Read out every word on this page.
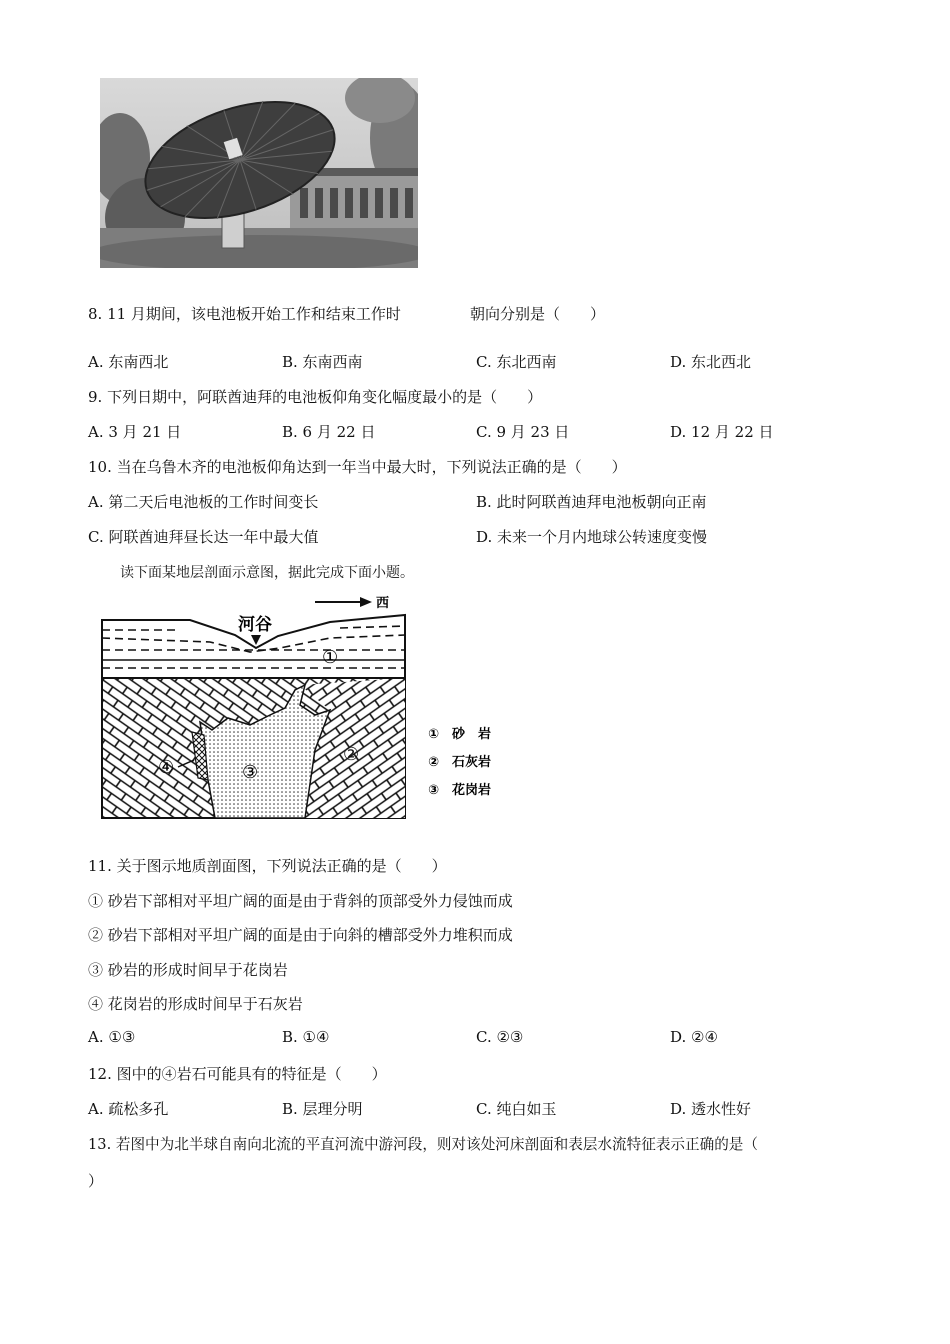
8. 11 月期间，该电池板开始工作和结束工作时	朝向分别是（　　）
A. 东南西北	B. 东南西南	C. 东北西南	D. 东北西北
9. 下列日期中，阿联酋迪拜的电池板仰角变化幅度最小的是（　　）
A. 3 月 21 日	B. 6 月 22 日	C. 9 月 23 日	D. 12 月 22 日
10. 当在乌鲁木齐的电池板仰角达到一年当中最大时，下列说法正确的是（　　）
A. 第二天后电池板的工作时间变长	B. 此时阿联酋迪拜电池板朝向正南
C. 阿联酋迪拜昼长达一年中最大值	D. 未来一个月内地球公转速度变慢
读下面某地层剖面示意图，据此完成下面小题。
西
河谷
①
②
③
④
① 砂　岩
② 石灰岩
③ 花岗岩
11. 关于图示地质剖面图，下列说法正确的是（　　）
① 砂岩下部相对平坦广阔的面是由于背斜的顶部受外力侵蚀而成
② 砂岩下部相对平坦广阔的面是由于向斜的槽部受外力堆积而成
③ 砂岩的形成时间早于花岗岩
④ 花岗岩的形成时间早于石灰岩
A. ①③	B. ①④	C. ②③	D. ②④
12. 图中的④岩石可能具有的特征是（　　）
A. 疏松多孔	B. 层理分明	C. 纯白如玉	D. 透水性好
13. 若图中为北半球自南向北流的平直河流中游河段，则对该处河床剖面和表层水流特征表示正确的是（
）
